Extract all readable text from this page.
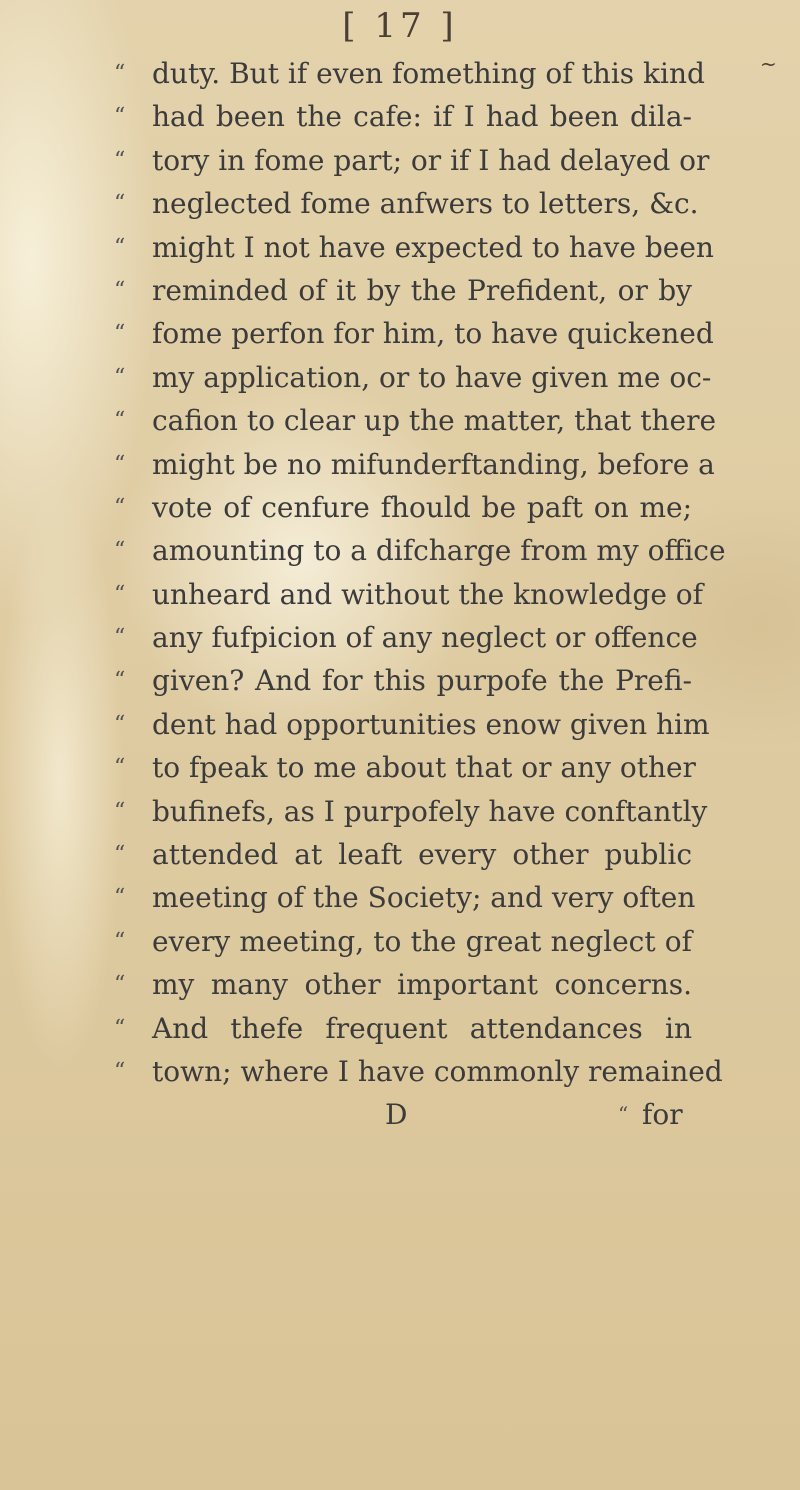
[ 17 ]
~
“ duty. But if even fomething of this kind
“ had been the cafe: if I had been dila-
“ tory in fome part; or if I had delayed or
“ neglected fome anfwers to letters, &c.
“ might I not have expected to have been
“ reminded of it by the Prefident, or by
“ fome perfon for him, to have quickened
“ my application, or to have given me oc-
“ cafion to clear up the matter, that there
“ might be no mifunderftanding, before a
“ vote of cenfure fhould be paft on me;
“ amounting to a difcharge from my office
“ unheard and without the knowledge of
“ any fufpicion of any neglect or offence
“ given? And for this purpofe the Prefi-
“ dent had opportunities enow given him
“ to fpeak to me about that or any other
“ bufinefs, as I purpofely have conftantly
“ attended at leaft every other public
“ meeting of the Society; and very often
“ every meeting, to the great neglect of
“ my many other important concerns.
“ And thefe frequent attendances in
“ town; where I have commonly remained
D	“ for
